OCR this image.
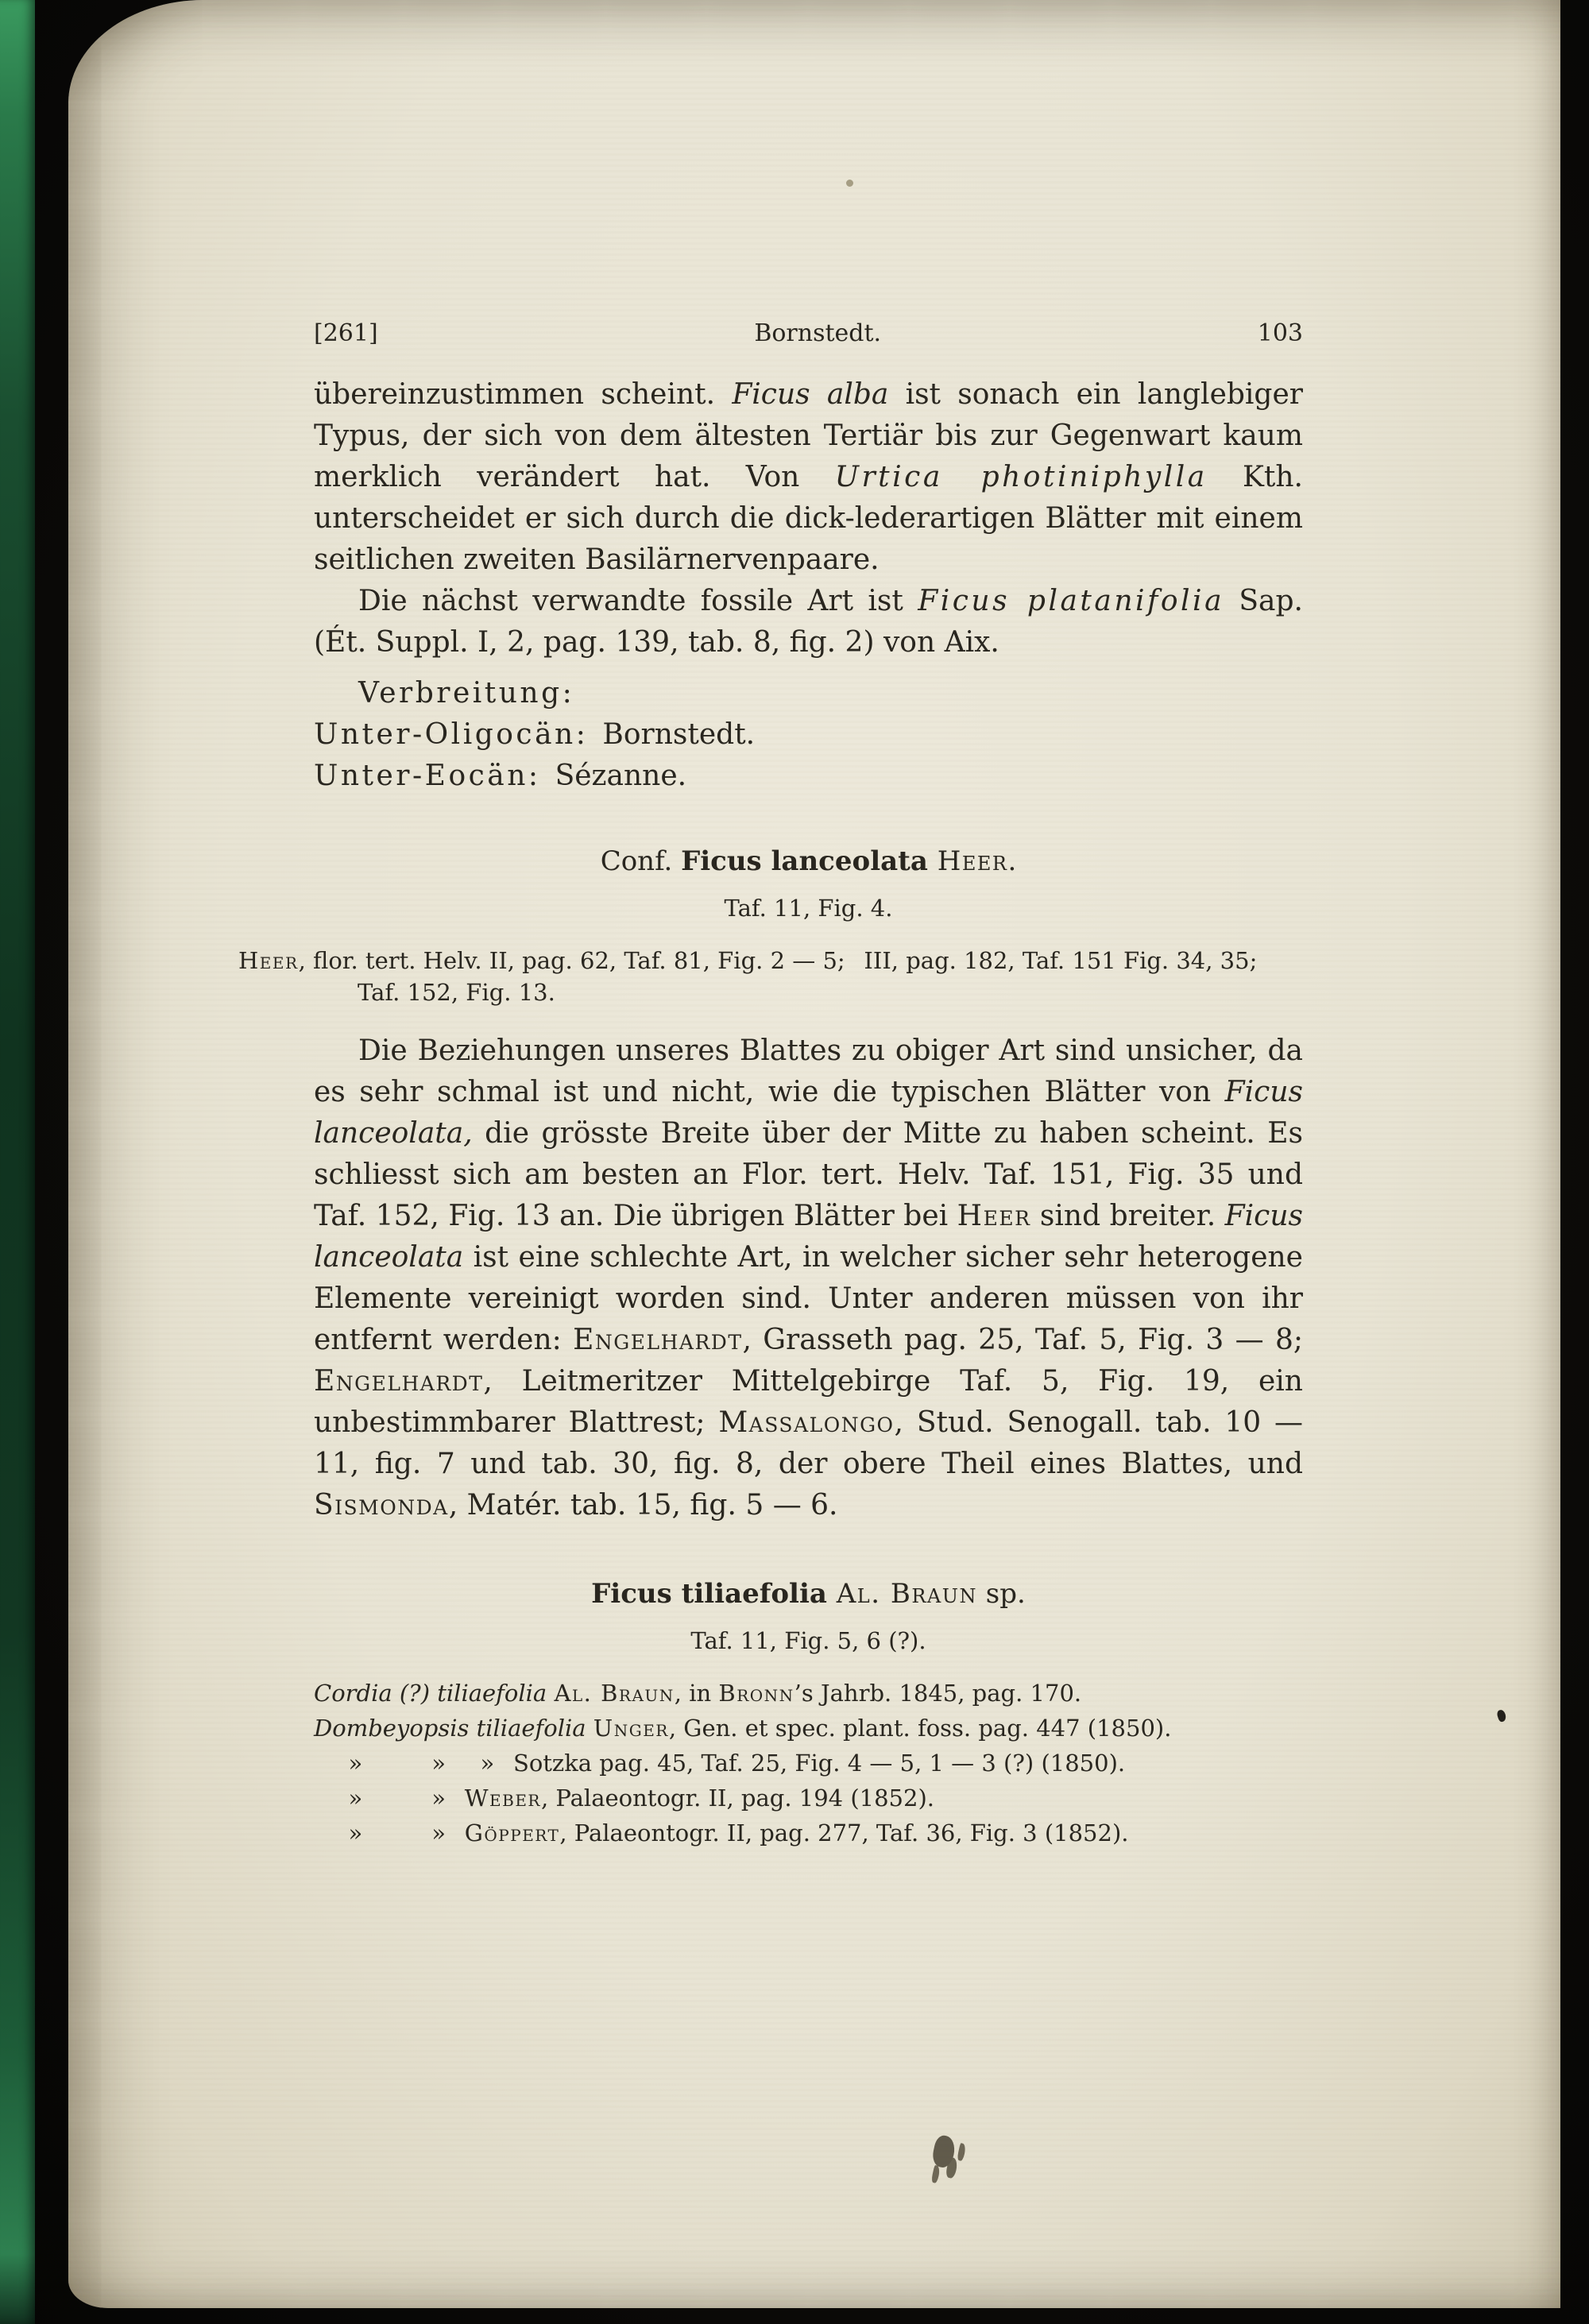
[261]	Bornstedt.	103

übereinzustimmen scheint. Ficus alba ist sonach ein langlebiger Typus, der sich von dem ältesten Tertiär bis zur Gegenwart kaum merklich verändert hat. Von Urtica photiniphylla Kth. unterscheidet er sich durch die dick-lederartigen Blätter mit einem seitlichen zweiten Basilärnervenpaare.

Die nächst verwandte fossile Art ist Ficus platanifolia Sap. (Ét. Suppl. I, 2, pag. 139, tab. 8, fig. 2) von Aix.

Verbreitung:

Unter-Oligocän: Bornstedt.

Unter-Eocän: Sézanne.

Conf. Ficus lanceolata Heer.

Taf. 11, Fig. 4.

Heer, flor. tert. Helv. II, pag. 62, Taf. 81, Fig. 2 — 5;  III, pag. 182, Taf. 151 Fig. 34, 35; Taf. 152, Fig. 13.

Die Beziehungen unseres Blattes zu obiger Art sind unsicher, da es sehr schmal ist und nicht, wie die typischen Blätter von Ficus lanceolata, die grösste Breite über der Mitte zu haben scheint. Es schliesst sich am besten an Flor. tert. Helv. Taf. 151, Fig. 35 und Taf. 152, Fig. 13 an. Die übrigen Blätter bei Heer sind breiter. Ficus lanceolata ist eine schlechte Art, in welcher sicher sehr heterogene Elemente vereinigt worden sind. Unter anderen müssen von ihr entfernt werden: Engelhardt, Grasseth pag. 25, Taf. 5, Fig. 3 — 8; Engelhardt, Leitmeritzer Mittelgebirge Taf. 5, Fig. 19, ein unbestimmbarer Blattrest; Massalongo, Stud. Senogall. tab. 10 — 11, fig. 7 und tab. 30, fig. 8, der obere Theil eines Blattes, und Sismonda, Matér. tab. 15, fig. 5 — 6.

Ficus tiliaefolia Al. Braun sp.

Taf. 11, Fig. 5, 6 (?).

Cordia (?) tiliaefolia Al. Braun, in Bronn’s Jahrb. 1845, pag. 170.

Dombeyopsis tiliaefolia Unger, Gen. et spec. plant. foss. pag. 447 (1850).

  »   »  »  Sotzka pag. 45, Taf. 25, Fig. 4 — 5, 1 — 3 (?) (1850).

  »   »  Weber, Palaeontogr. II, pag. 194 (1852).

  »   »  Göppert, Palaeontogr. II, pag. 277, Taf. 36, Fig. 3 (1852).
